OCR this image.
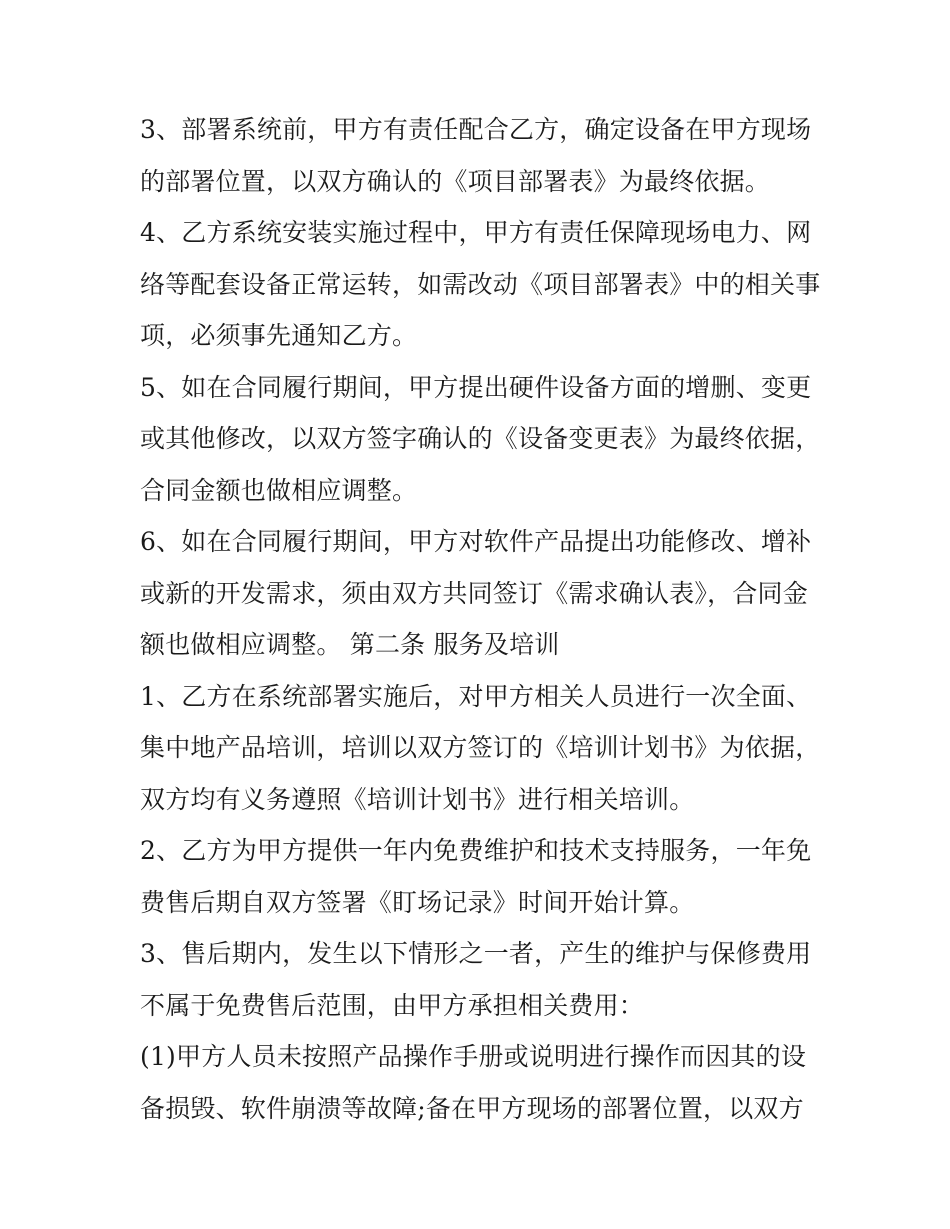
3、部署系统前，甲方有责任配合乙方，确定设备在甲方现场
的部署位置，以双方确认的《项目部署表》为最终依据。
4、乙方系统安装实施过程中，甲方有责任保障现场电力、网
络等配套设备正常运转，如需改动《项目部署表》中的相关事
项，必须事先通知乙方。
5、如在合同履行期间，甲方提出硬件设备方面的增删、变更
或其他修改，以双方签字确认的《设备变更表》为最终依据，
合同金额也做相应调整。
6、如在合同履行期间，甲方对软件产品提出功能修改、增补
或新的开发需求，须由双方共同签订《需求确认表》，合同金
额也做相应调整。 第二条 服务及培训
1、乙方在系统部署实施后，对甲方相关人员进行一次全面、
集中地产品培训，培训以双方签订的《培训计划书》为依据，
双方均有义务遵照《培训计划书》进行相关培训。
2、乙方为甲方提供一年内免费维护和技术支持服务，一年免
费售后期自双方签署《盯场记录》时间开始计算。
3、售后期内，发生以下情形之一者，产生的维护与保修费用
不属于免费售后范围，由甲方承担相关费用：
(1)甲方人员未按照产品操作手册或说明进行操作而因其的设
备损毁、软件崩溃等故障;备在甲方现场的部署位置，以双方
